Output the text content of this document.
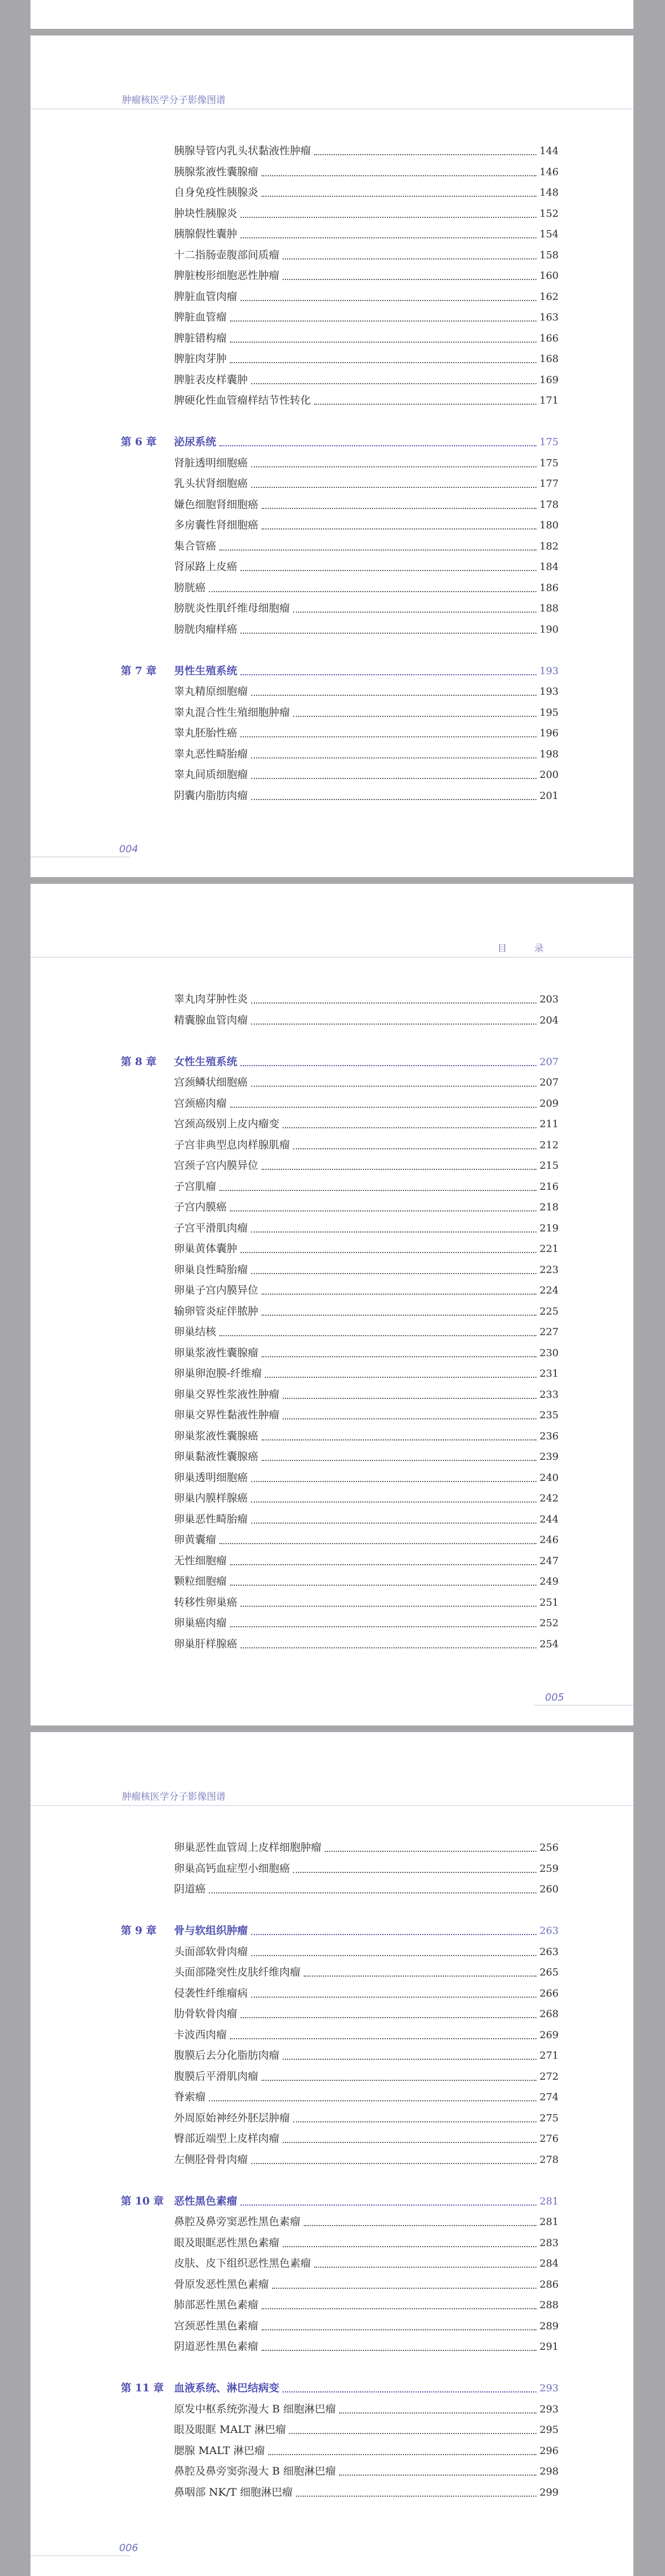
肿瘤核医学分子影像图谱
胰腺导管内乳头状黏液性肿瘤	144
胰腺浆液性囊腺瘤	146
自身免疫性胰腺炎	148
肿块性胰腺炎	152
胰腺假性囊肿	154
十二指肠壶腹部间质瘤	158
脾脏梭形细胞恶性肿瘤	160
脾脏血管肉瘤	162
脾脏血管瘤	163
脾脏错构瘤	166
脾脏肉芽肿	168
脾脏表皮样囊肿	169
脾硬化性血管瘤样结节性转化	171
第 6 章	泌尿系统	175
肾脏透明细胞癌	175
乳头状肾细胞癌	177
嫌色细胞肾细胞癌	178
多房囊性肾细胞癌	180
集合管癌	182
肾尿路上皮癌	184
膀胱癌	186
膀胱炎性肌纤维母细胞瘤	188
膀胱肉瘤样癌	190
第 7 章	男性生殖系统	193
睾丸精原细胞瘤	193
睾丸混合性生殖细胞肿瘤	195
睾丸胚胎性癌	196
睾丸恶性畸胎瘤	198
睾丸间质细胞瘤	200
阴囊内脂肪肉瘤	201
004
目 录
睾丸肉芽肿性炎	203
精囊腺血管肉瘤	204
第 8 章	女性生殖系统	207
宫颈鳞状细胞癌	207
宫颈癌肉瘤	209
宫颈高级别上皮内瘤变	211
子宫非典型息肉样腺肌瘤	212
宫颈子宫内膜异位	215
子宫肌瘤	216
子宫内膜癌	218
子宫平滑肌肉瘤	219
卵巢黄体囊肿	221
卵巢良性畸胎瘤	223
卵巢子宫内膜异位	224
输卵管炎症伴脓肿	225
卵巢结核	227
卵巢浆液性囊腺瘤	230
卵巢卵泡膜-纤维瘤	231
卵巢交界性浆液性肿瘤	233
卵巢交界性黏液性肿瘤	235
卵巢浆液性囊腺癌	236
卵巢黏液性囊腺癌	239
卵巢透明细胞癌	240
卵巢内膜样腺癌	242
卵巢恶性畸胎瘤	244
卵黄囊瘤	246
无性细胞瘤	247
颗粒细胞瘤	249
转移性卵巢癌	251
卵巢癌肉瘤	252
卵巢肝样腺癌	254
005
肿瘤核医学分子影像图谱
卵巢恶性血管周上皮样细胞肿瘤	256
卵巢高钙血症型小细胞癌	259
阴道癌	260
第 9 章	骨与软组织肿瘤	263
头面部软骨肉瘤	263
头面部隆突性皮肤纤维肉瘤	265
侵袭性纤维瘤病	266
肋骨软骨肉瘤	268
卡波西肉瘤	269
腹膜后去分化脂肪肉瘤	271
腹膜后平滑肌肉瘤	272
脊索瘤	274
外周原始神经外胚层肿瘤	275
臀部近端型上皮样肉瘤	276
左侧胫骨骨肉瘤	278
第 10 章 恶性黑色素瘤	281
鼻腔及鼻旁窦恶性黑色素瘤	281
眼及眼眶恶性黑色素瘤	283
皮肤、皮下组织恶性黑色素瘤	284
骨原发恶性黑色素瘤	286
肺部恶性黑色素瘤	288
宫颈恶性黑色素瘤	289
阴道恶性黑色素瘤	291
第 11 章 血液系统、淋巴结病变	293
原发中枢系统弥漫大 B 细胞淋巴瘤	293
眼及眼眶 MALT 淋巴瘤	295
腮腺 MALT 淋巴瘤	296
鼻腔及鼻旁窦弥漫大 B 细胞淋巴瘤	298
鼻咽部 NK/T 细胞淋巴瘤	299
006
